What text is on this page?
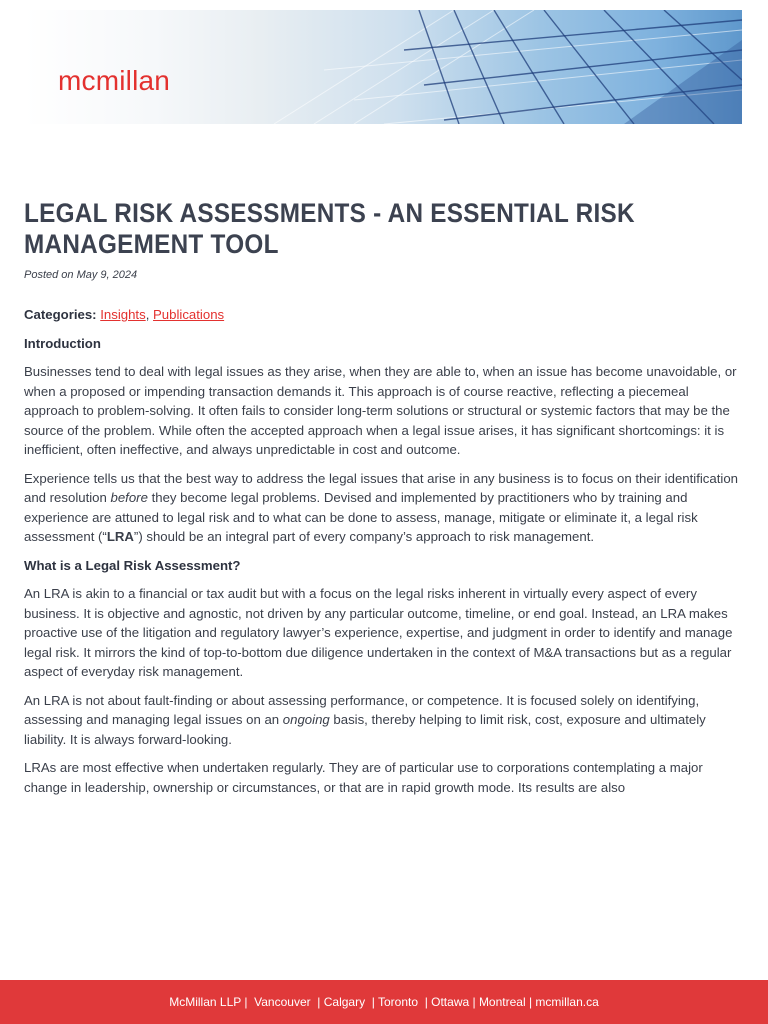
mcmillan
LEGAL RISK ASSESSMENTS - AN ESSENTIAL RISK MANAGEMENT TOOL

Posted on May 9, 2024

Categories: Insights, Publications

Introduction

Businesses tend to deal with legal issues as they arise, when they are able to, when an issue has become unavoidable, or when a proposed or impending transaction demands it. This approach is of course reactive, reflecting a piecemeal approach to problem-solving. It often fails to consider long-term solutions or structural or systemic factors that may be the source of the problem. While often the accepted approach when a legal issue arises, it has significant shortcomings: it is inefficient, often ineffective, and always unpredictable in cost and outcome.

Experience tells us that the best way to address the legal issues that arise in any business is to focus on their identification and resolution before they become legal problems. Devised and implemented by practitioners who by training and experience are attuned to legal risk and to what can be done to assess, manage, mitigate or eliminate it, a legal risk assessment (“LRA”) should be an integral part of every company’s approach to risk management.

What is a Legal Risk Assessment?

An LRA is akin to a financial or tax audit but with a focus on the legal risks inherent in virtually every aspect of every business. It is objective and agnostic, not driven by any particular outcome, timeline, or end goal. Instead, an LRA makes proactive use of the litigation and regulatory lawyer’s experience, expertise, and judgment in order to identify and manage legal risk. It mirrors the kind of top-to-bottom due diligence undertaken in the context of M&A transactions but as a regular aspect of everyday risk management.

An LRA is not about fault-finding or about assessing performance, or competence. It is focused solely on identifying, assessing and managing legal issues on an ongoing basis, thereby helping to limit risk, cost, exposure and ultimately liability. It is always forward-looking.

LRAs are most effective when undertaken regularly. They are of particular use to corporations contemplating a major change in leadership, ownership or circumstances, or that are in rapid growth mode. Its results are also

McMillan LLP |  Vancouver  | Calgary  | Toronto  | Ottawa | Montreal | mcmillan.ca
